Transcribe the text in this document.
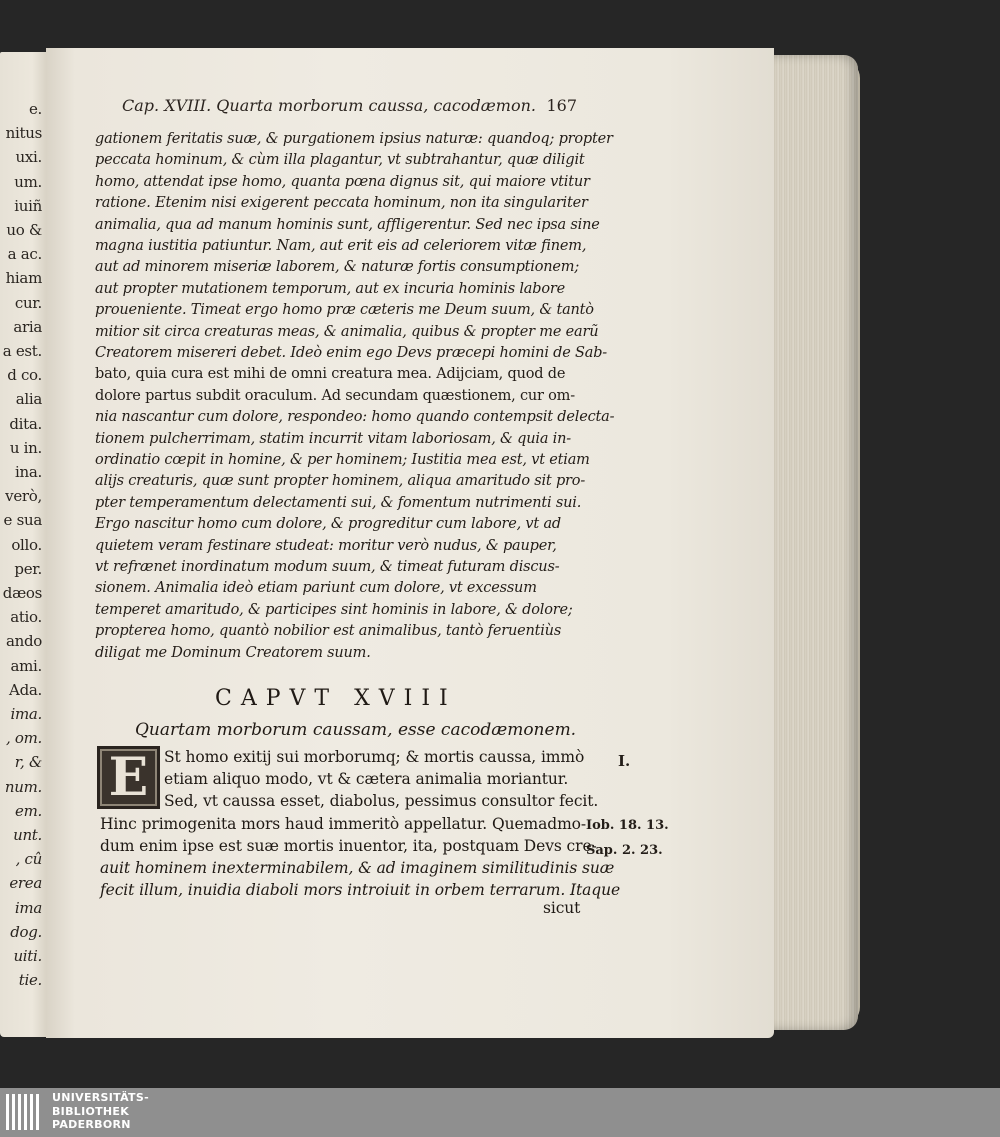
e.
nitus
uxi.
um.
iuiñ
uo &
a ac.
hiam
cur.
aria
a est.
d co.
alia
dita.
u in.
ina.
verò,
e sua
ollo.
per.
dæos
atio.
ando
ami.
Ada.
ima.
, om.
r, &
num.
em.
unt.
, cû
erea
ima
dog.
uiti.
tie.
Cap. XVIII. Quarta morborum caussa, cacodæmon. 167
gationem feritatis suæ, & purgationem ipsius naturæ: quandoq; propter
peccata hominum, & cùm illa plagantur, vt subtrahantur, quæ diligit
homo, attendat ipse homo, quanta pœna dignus sit, qui maiore vtitur
ratione. Etenim nisi exigerent peccata hominum, non ita singulariter
animalia, qua ad manum hominis sunt, affligerentur. Sed nec ipsa sine
magna iustitia patiuntur. Nam, aut erit eis ad celeriorem vitæ finem,
aut ad minorem miseriæ laborem, & naturæ fortis consumptionem;
aut propter mutationem temporum, aut ex incuria hominis labore
proueniente. Timeat ergo homo præ cæteris me Deum suum, & tantò
mitior sit circa creaturas meas, & animalia, quibus & propter me earũ
Creatorem misereri debet. Ideò enim ego Devs præcepi homini de Sab-
bato, quia cura est mihi de omni creatura mea. Adijciam, quod de
dolore partus subdit oraculum. Ad secundam quæstionem, cur om-
nia nascantur cum dolore, respondeo: homo quando contempsit delecta-
tionem pulcherrimam, statim incurrit vitam laboriosam, & quia in-
ordinatio cœpit in homine, & per hominem; Iustitia mea est, vt etiam
alijs creaturis, quæ sunt propter hominem, aliqua amaritudo sit pro-
pter temperamentum delectamenti sui, & fomentum nutrimenti sui.
Ergo nascitur homo cum dolore, & progreditur cum labore, vt ad
quietem veram festinare studeat: moritur verò nudus, & pauper,
vt refrænet inordinatum modum suum, & timeat futuram discus-
sionem. Animalia ideò etiam pariunt cum dolore, vt excessum
temperet amaritudo, & participes sint hominis in labore, & dolore;
propterea homo, quantò nobilior est animalibus, tantò feruentiùs
diligat me Dominum Creatorem suum.
CAPVT XVIII
Quartam morborum caussam, esse cacodæmonem.
E	St homo exitij sui morborumq; & mortis caussa, immò
etiam aliquo modo, vt & cætera animalia moriantur.
Sed, vt caussa esset, diabolus, pessimus consultor fecit.
Hinc primogenita mors haud immeritò appellatur. Quemadmo-
dum enim ipse est suæ mortis inuentor, ita, postquam Devs cre-
auit hominem inexterminabilem, & ad imaginem similitudinis suæ
fecit illum, inuidia diaboli mors introiuit in orbem terrarum. Itaque
sicut
I.
Iob. 18. 13.
Sap. 2. 23.
UNIVERSITÄTS-
BIBLIOTHEK
PADERBORN
